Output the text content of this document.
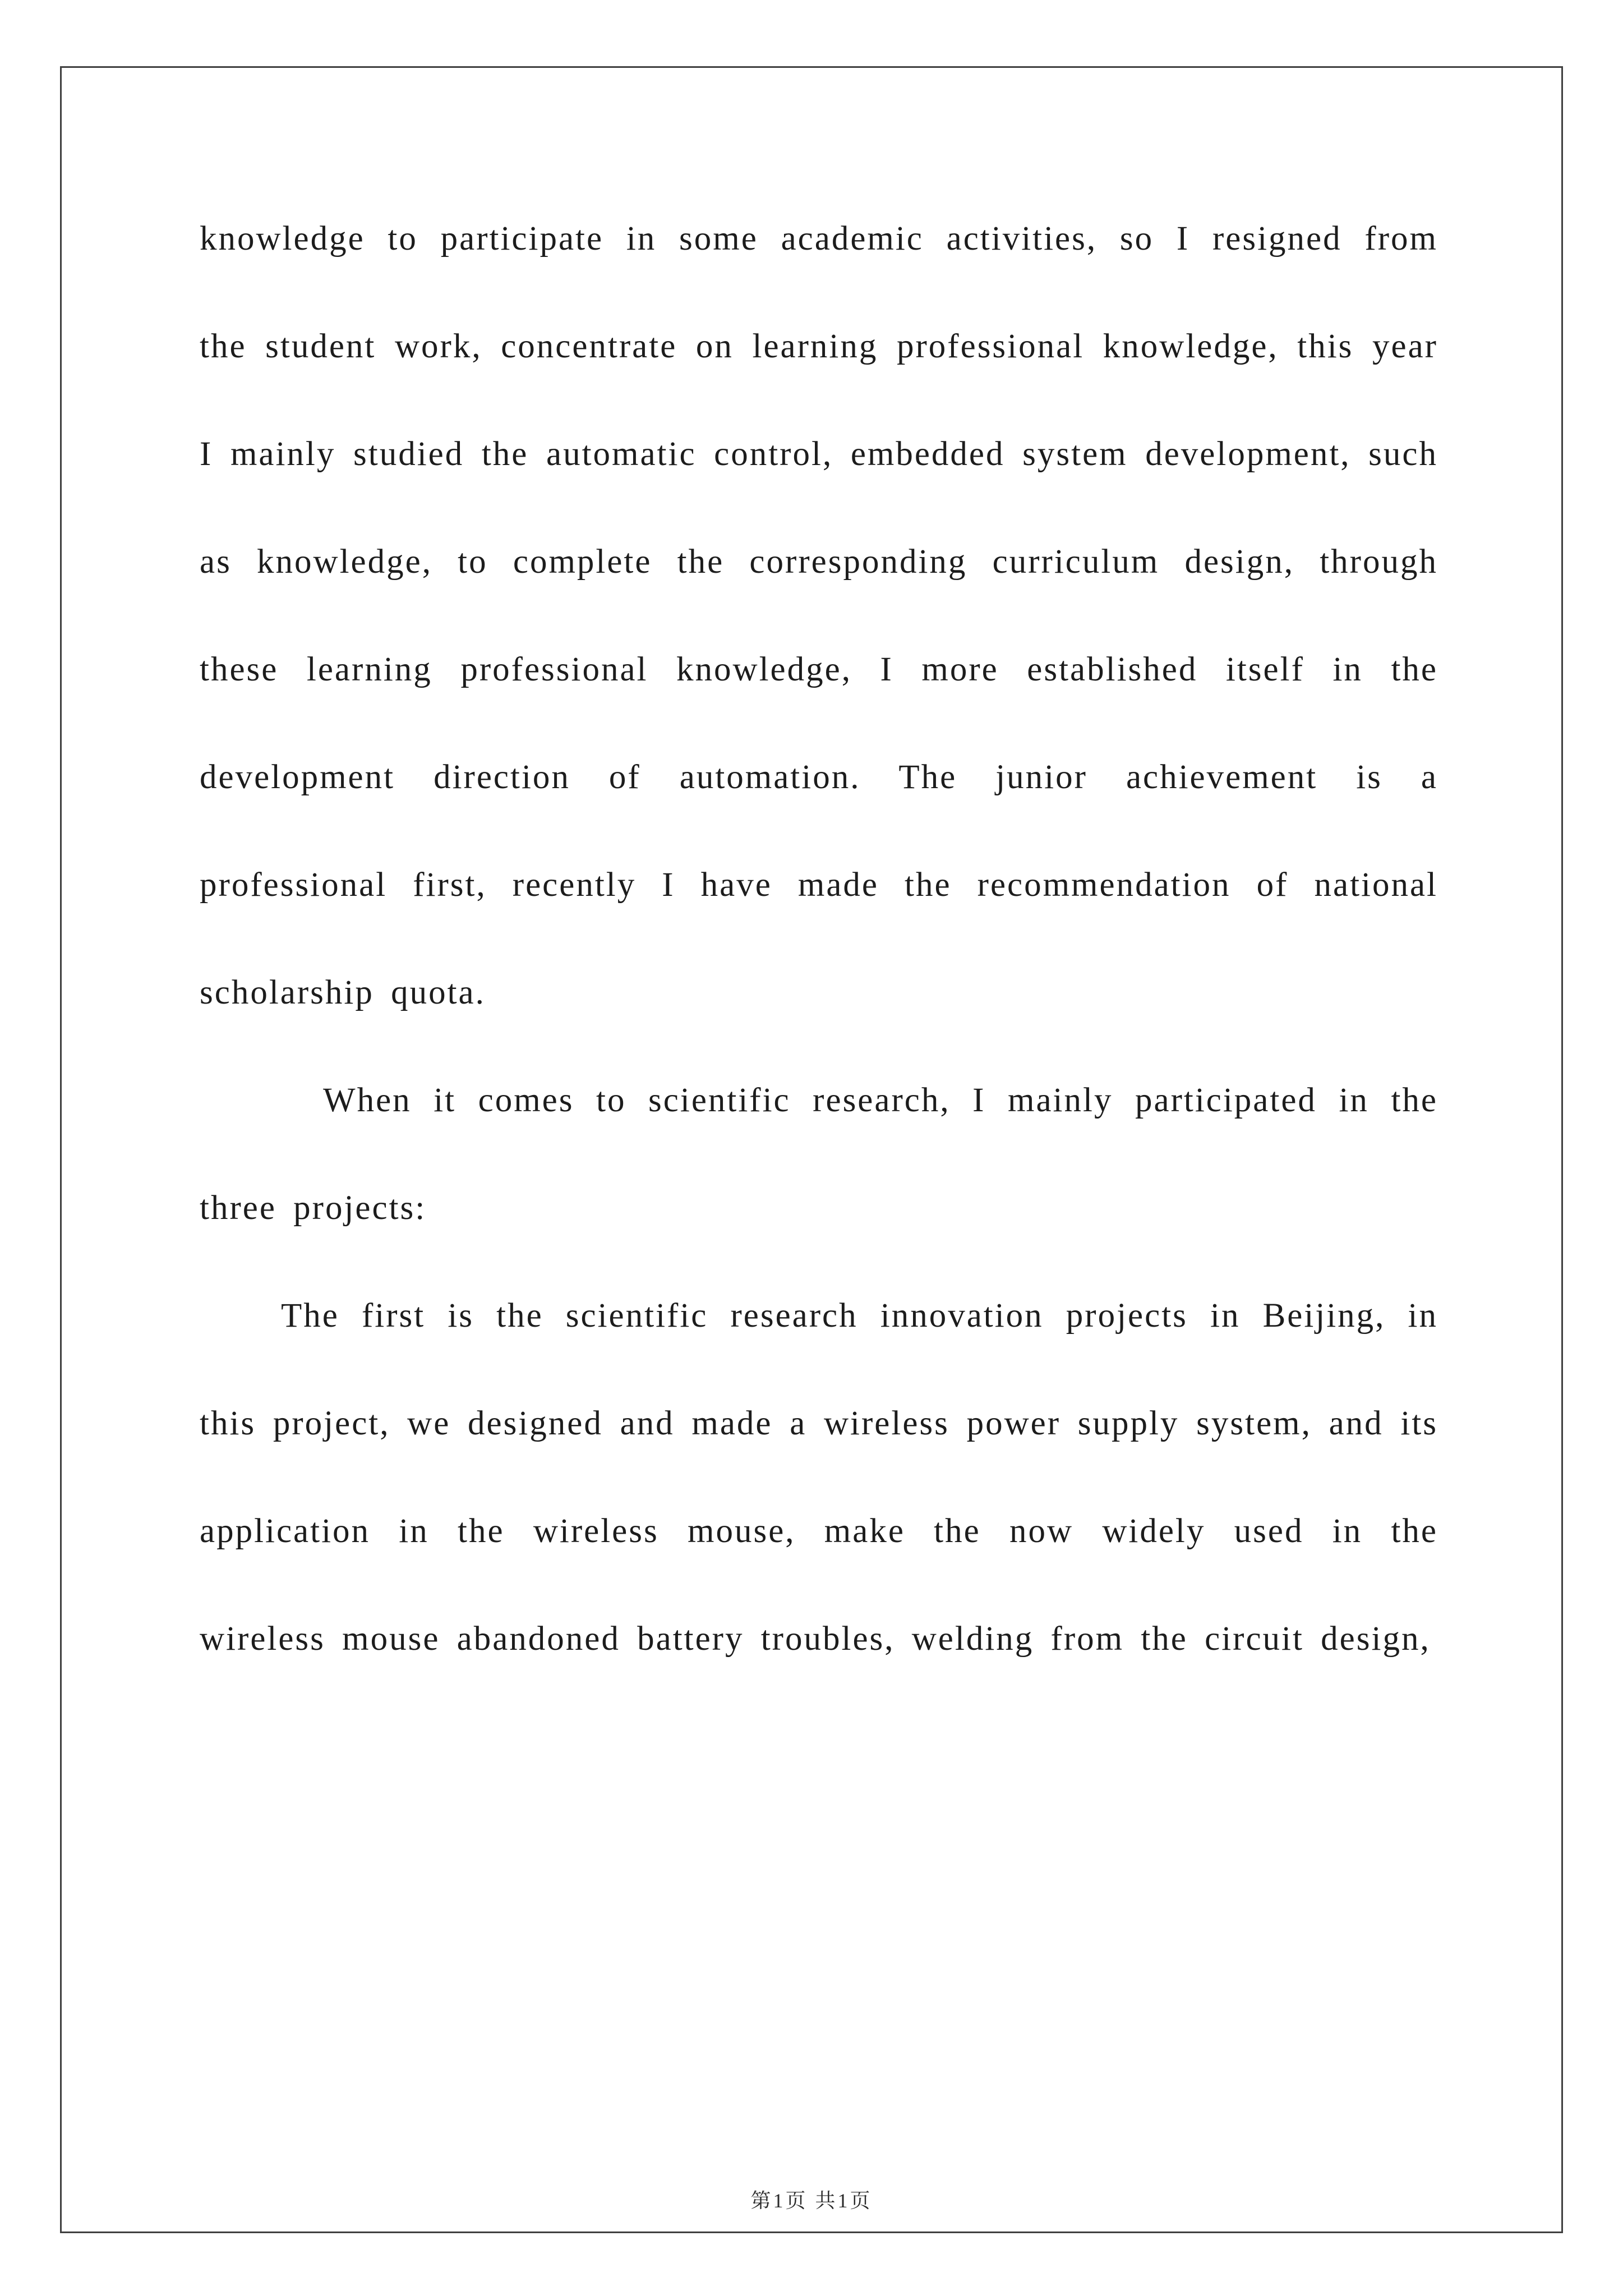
knowledge to participate in some academic activities, so I resigned from the student work, concentrate on learning professional knowledge, this year I mainly studied the automatic control, embedded system development, such as knowledge, to complete the corresponding curriculum design, through these learning professional knowledge, I more established itself in the development direction of automation. The junior achievement is a professional first, recently I have made the recommendation of national scholarship quota.

When it comes to scientific research, I mainly participated in the three projects:

The first is the scientific research innovation projects in Beijing, in this project, we designed and made a wireless power supply system, and its application in the wireless mouse, make the now widely used in the wireless mouse abandoned battery troubles, welding from the circuit design,

第1页 共1页
